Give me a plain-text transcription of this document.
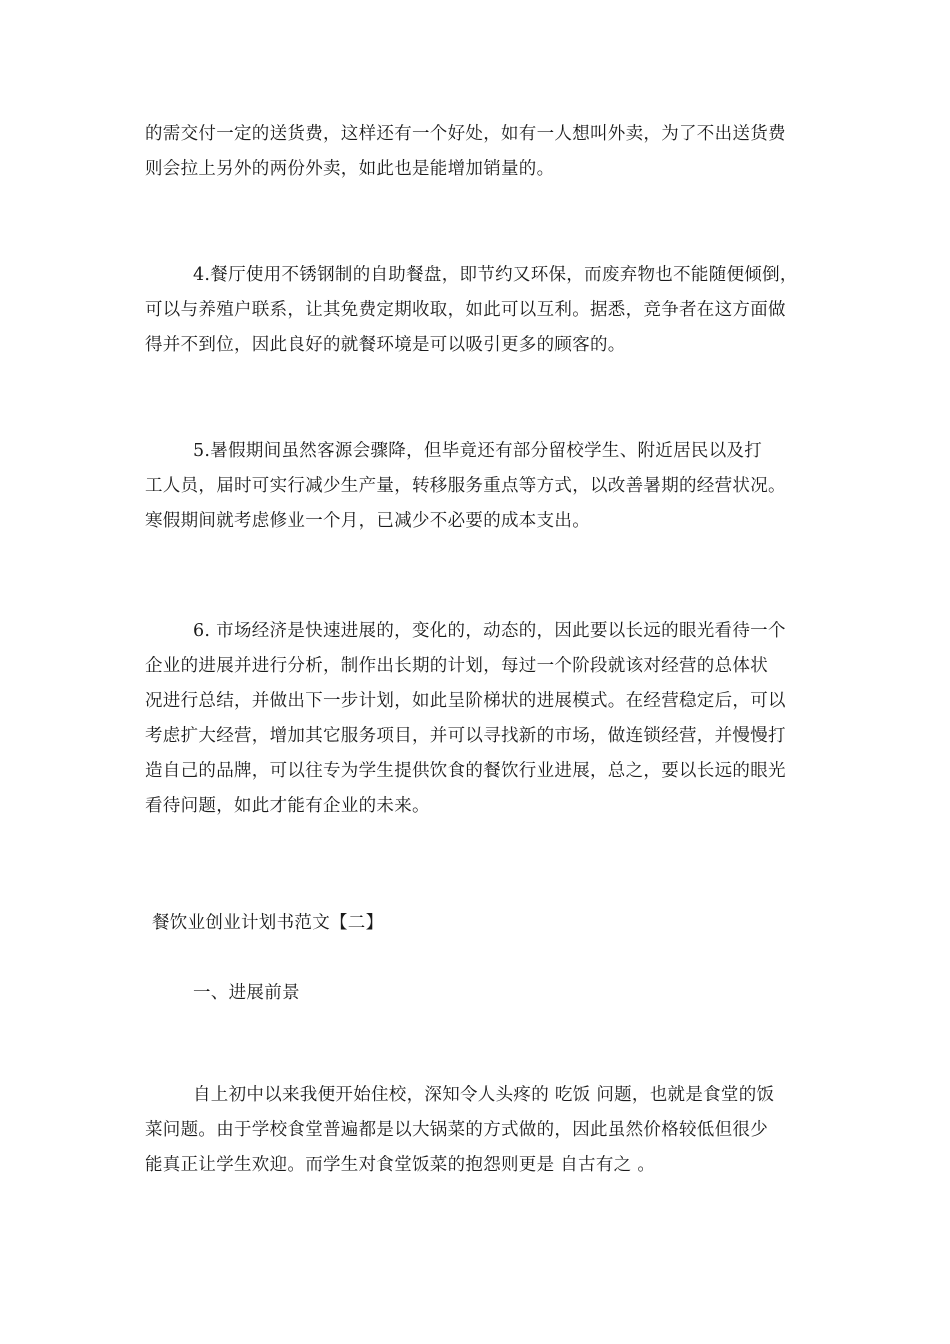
的需交付一定的送货费，这样还有一个好处，如有一人想叫外卖，为了不出送货费
则会拉上另外的两份外卖，如此也是能增加销量的。
4.餐厅使用不锈钢制的自助餐盘，即节约又环保，而废弃物也不能随便倾倒，
可以与养殖户联系，让其免费定期收取，如此可以互利。据悉，竞争者在这方面做
得并不到位，因此良好的就餐环境是可以吸引更多的顾客的。
5.暑假期间虽然客源会骤降，但毕竟还有部分留校学生、附近居民以及打
工人员，届时可实行减少生产量，转移服务重点等方式，以改善暑期的经营状况。
寒假期间就考虑修业一个月，已减少不必要的成本支出。
6. 市场经济是快速进展的，变化的，动态的，因此要以长远的眼光看待一个
企业的进展并进行分析，制作出长期的计划，每过一个阶段就该对经营的总体状
况进行总结，并做出下一步计划，如此呈阶梯状的进展模式。在经营稳定后，可以
考虑扩大经营，增加其它服务项目，并可以寻找新的市场，做连锁经营，并慢慢打
造自己的品牌，可以往专为学生提供饮食的餐饮行业进展，总之，要以长远的眼光
看待问题，如此才能有企业的未来。
餐饮业创业计划书范文【二】
一、进展前景
自上初中以来我便开始住校，深知令人头疼的 吃饭 问题，也就是食堂的饭
菜问题。由于学校食堂普遍都是以大锅菜的方式做的，因此虽然价格较低但很少
能真正让学生欢迎。而学生对食堂饭菜的抱怨则更是 自古有之 。
